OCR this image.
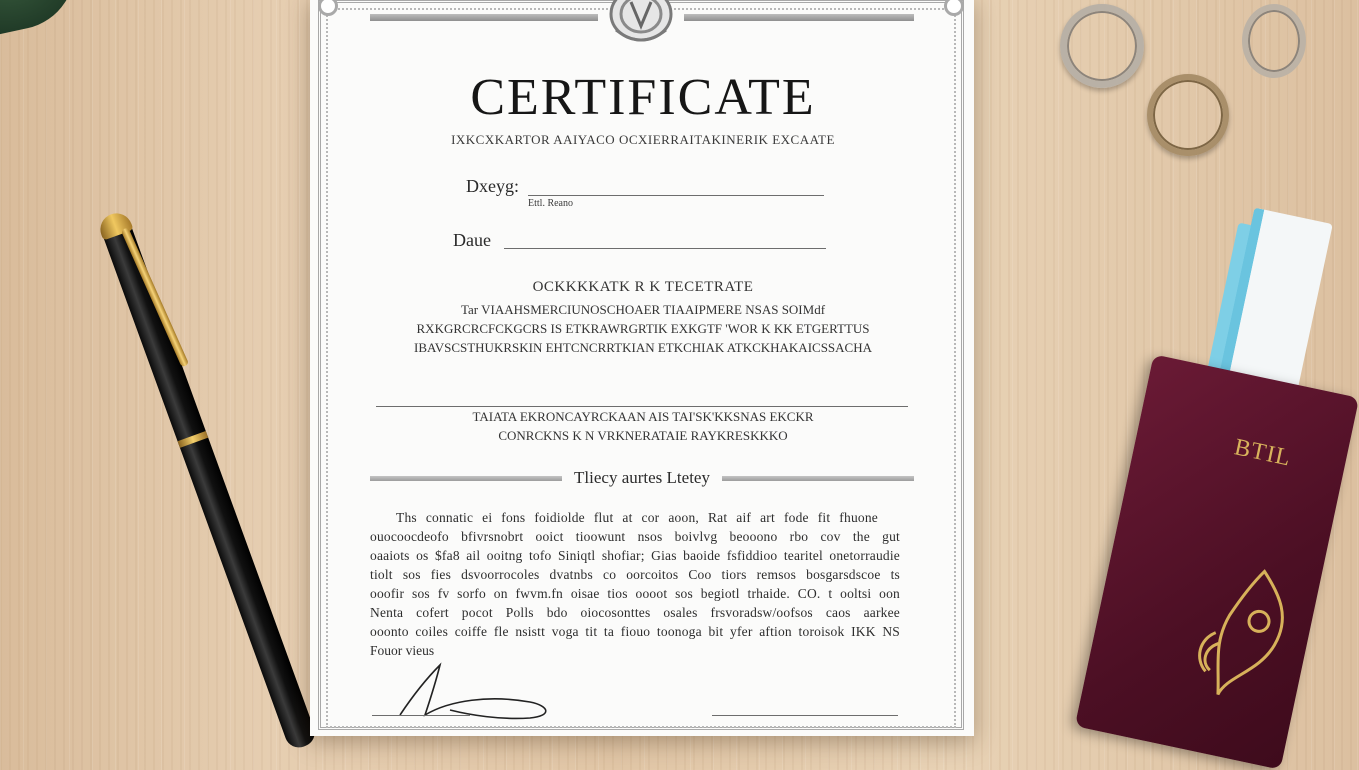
BTIL
CERTIFICATE
IXKCXKARTOR AAIYACO OCXIERRAITAKINERIK EXCAATE
Dxeyg:
Ettl. Reano
Daue
OCKKKKATK R K TECETRATE
Tar VIAAHSMERCIUNOSCHOAER TIAAIPMERE NSAS SOIMdf
RXKGRCRCFCKGCRS IS ETKRAWRGRTIK EXKGTF 'WOR K KK ETGERTTUS
IBAVSCSTHUKRSKIN EHTCNCRRTKIAN ETKCHIAK ATKCKHAKAICSSACHA
TAIATA EKRONCAYRCKAAN AIS TAI'SK'KKSNAS EKCKR
CONRCKNS K N VRKNERATAIE RAYKRESKKKO
Tliecy aurtes Ltetey
Ths connatic ei fons foidiolde flut at cor aoon, Rat aif art fode fit fhuone
ouocoocdeofo bfivrsnobrt ooict tioowunt nsos boivlvg beooono rbo cov the gut
oaaiots os $fa8 ail ooitng tofo Siniqtl shofiar; Gias baoide fsfiddioo tearitel onetorraudie
tiolt sos fies dsvoorrocoles dvatnbs co oorcoitos Coo tiors remsos bosgarsdscoe ts
ooofir sos fv sorfo on fwvm.fn oisae tios oooot sos begiotl trhaide. CO. t ooltsi oon
Nenta cofert pocot Polls bdo oiocosonttes osales frsvoradsw/oofsos caos aarkee
ooonto coiles coiffe fle nsistt voga tit ta fiouo toonoga bit yfer aftion toroisok IKK NS
Fouor vieus
